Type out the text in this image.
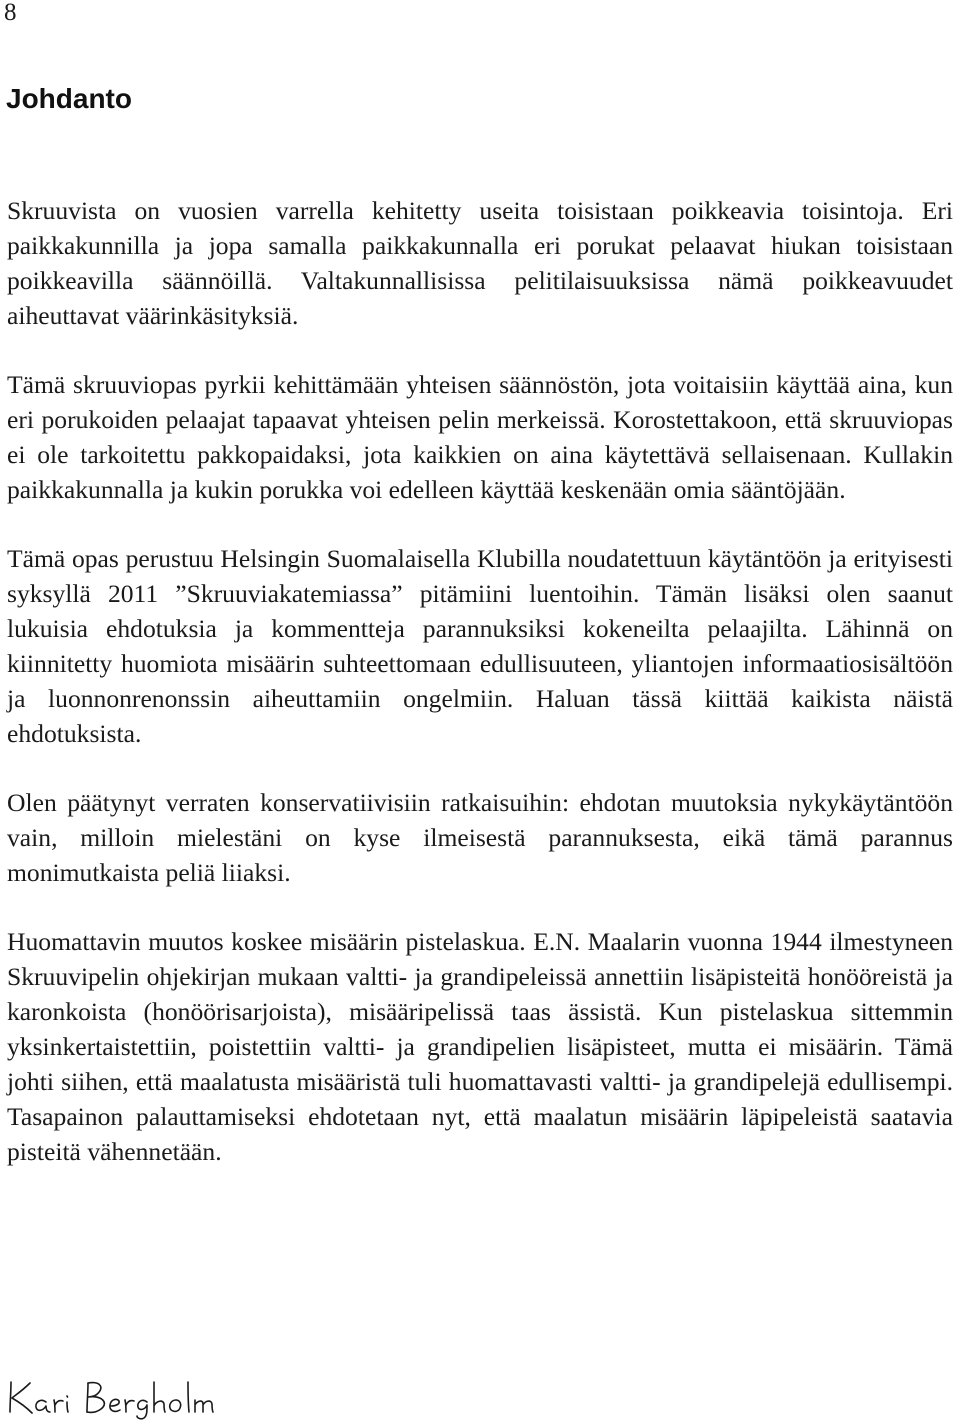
8
Johdanto

Skruuvista on vuosien varrella kehitetty useita toisistaan poikkeavia toisintoja. Eri paikkakunnilla ja jopa samalla paikkakunnalla eri porukat pelaavat hiukan toisistaan poikkeavilla säännöillä. Valtakunnallisissa pelitilaisuuksissa nämä poikkeavuudet aiheuttavat väärinkäsityksiä.

Tämä skruuviopas pyrkii kehittämään yhteisen säännöstön, jota voitaisiin käyttää aina, kun eri porukoiden pelaajat tapaavat yhteisen pelin merkeissä. Korostettakoon, että skruuviopas ei ole tarkoitettu pakkopaidaksi, jota kaikkien on aina käytettävä sellaisenaan. Kullakin paikkakunnalla ja kukin porukka voi edelleen käyttää keskenään omia sääntöjään.

Tämä opas perustuu Helsingin Suomalaisella Klubilla noudatettuun käytäntöön ja erityisesti syksyllä 2011 ”Skruuviakatemiassa” pitämiini luentoihin. Tämän lisäksi olen saanut lukuisia ehdotuksia ja kommentteja parannuksiksi kokeneilta pelaajilta. Lähinnä on kiinnitetty huomiota misäärin suhteettomaan edullisuuteen, yliantojen informaatiosisältöön ja luonnonrenonssin aiheuttamiin ongelmiin. Haluan tässä kiittää kaikista näistä ehdotuksista.

Olen päätynyt verraten konservatiivisiin ratkaisuihin: ehdotan muutoksia nykykäytäntöön vain, milloin mielestäni on kyse ilmeisestä parannuksesta, eikä tämä parannus monimutkaista peliä liiaksi.

Huomattavin muutos koskee misäärin pistelaskua. E.N. Maalarin vuonna 1944 ilmestyneen Skruuvipelin ohjekirjan mukaan valtti- ja grandipeleissä annettiin lisäpisteitä honööreistä ja karonkoista (honöörisarjoista), misääripelissä taas ässistä. Kun pistelaskua sittemmin yksinkertaistettiin, poistettiin valtti- ja grandipelien lisäpisteet, mutta ei misäärin. Tämä johti siihen, että maalatusta misääristä tuli huomattavasti valtti- ja grandipelejä edullisempi. Tasapainon palauttamiseksi ehdotetaan nyt, että maalatun misäärin läpipeleistä saatavia pisteitä vähennetään.
